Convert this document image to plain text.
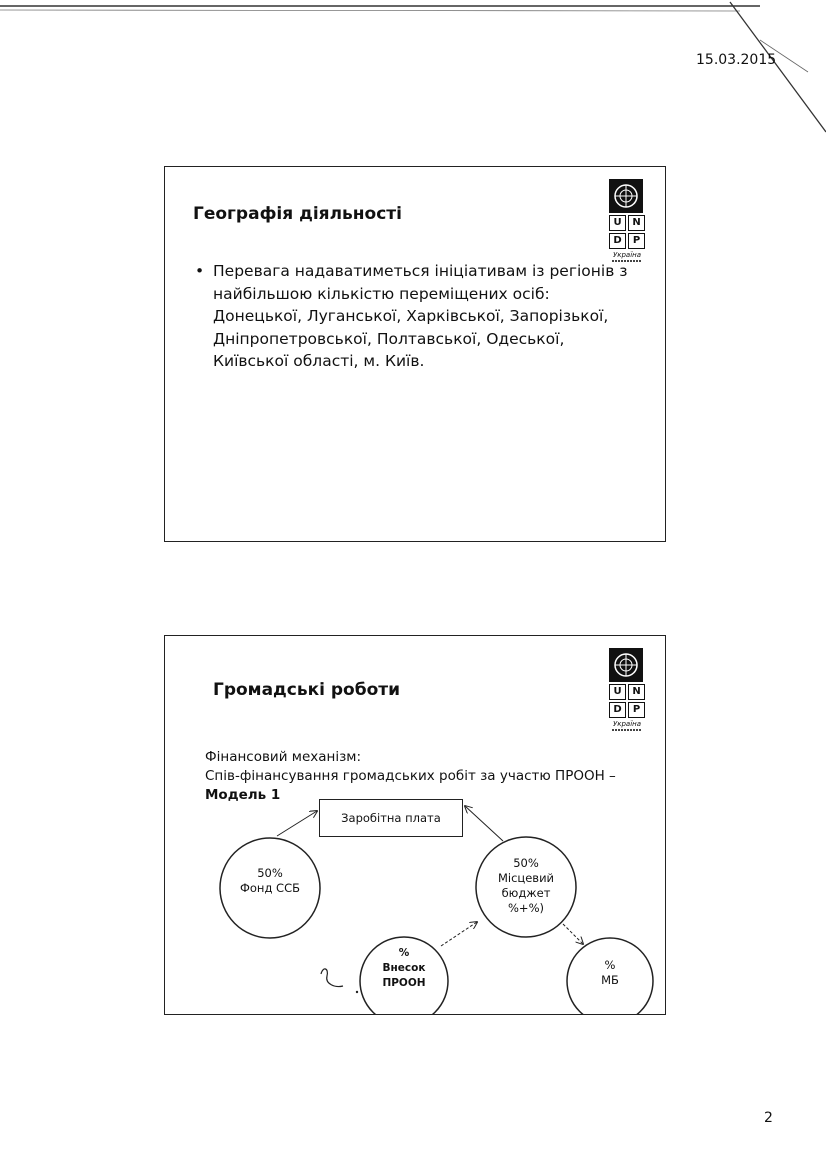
15.03.2015
U	N
D	P
Україна
Географія діяльності
• Перевага надаватиметься ініціативам із регіонів з найбільшою кількістю переміщених осіб: Донецької, Луганської, Харківської, Запорізької, Дніпропетровської, Полтавської, Одеської, Київської області, м. Київ.
U	N
D	P
Україна
Громадські роботи
Фінансовий механізм:
Спів-фінансування громадських робіт за участю ПРООН –
Модель 1
Заробітна плата
50%
Фонд ССБ
50%
Місцевий
бюджет
%+%)
%
Внесок
ПРООН
%
МБ
2
